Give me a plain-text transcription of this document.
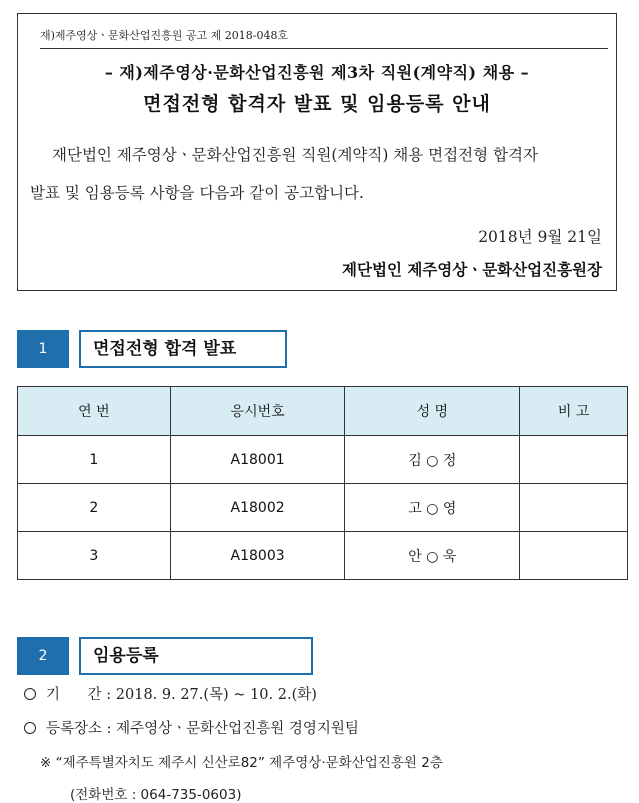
재)제주영상ㆍ문화산업진흥원 공고 제 2018-048호
– 재)제주영상·문화산업진흥원 제3차 직원(계약직) 채용 –
면접전형 합격자 발표 및 임용등록 안내
재단법인 제주영상ㆍ문화산업진흥원 직원(계약직) 채용 면접전형 합격자
발표 및 임용등록 사항을 다음과 같이 공고합니다.
2018년 9월 21일
제단법인 제주영상ㆍ문화산업진흥원장
1	면접전형 합격 발표
연 번	응시번호	성 명	비 고
1	A18001	김 ○ 정	
2	A18002	고 ○ 영	
3	A18003	안 ○ 욱	
2	임용등록
기      간 : 2018. 9. 27.(목) ~ 10. 2.(화)
등록장소 : 제주영상ㆍ문화산업진흥원 경영지원팀
※ “제주특별자치도 제주시 신산로82” 제주영상·문화산업진흥원 2층
(전화번호 : 064-735-0603)
